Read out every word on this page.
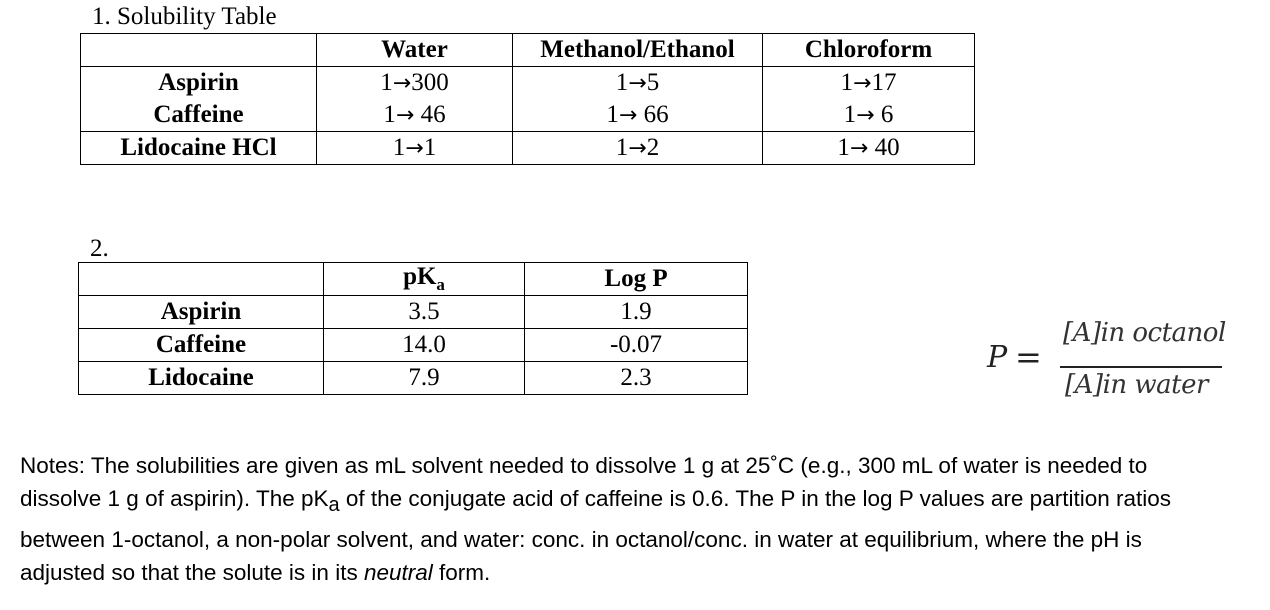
1. Solubility Table
	Water	Methanol/Ethanol	Chloroform
Aspirin	1→300	1→5	1→17
Caffeine	1→ 46	1→ 66	1→ 6
Lidocaine HCl	1→1	1→2	1→ 40
2.
	$pK_a$	Log P
Aspirin	3.5	1.9
Caffeine	14.0	-0.07
Lidocaine	7.9	2.3
P =
[A]in octanol
[A]in water

Notes: The solubilities are given as mL solvent needed to dissolve 1 g at 25˚C (e.g., 300 mL of water is needed to

dissolve 1 g of aspirin). The $pK_a$ of the conjugate acid of caffeine is 0.6. The P in the log P values are partition ratios

between 1-octanol, a non-polar solvent, and water: conc. in octanol/conc. in water at equilibrium, where the pH is

adjusted so that the solute is in its neutral form.
